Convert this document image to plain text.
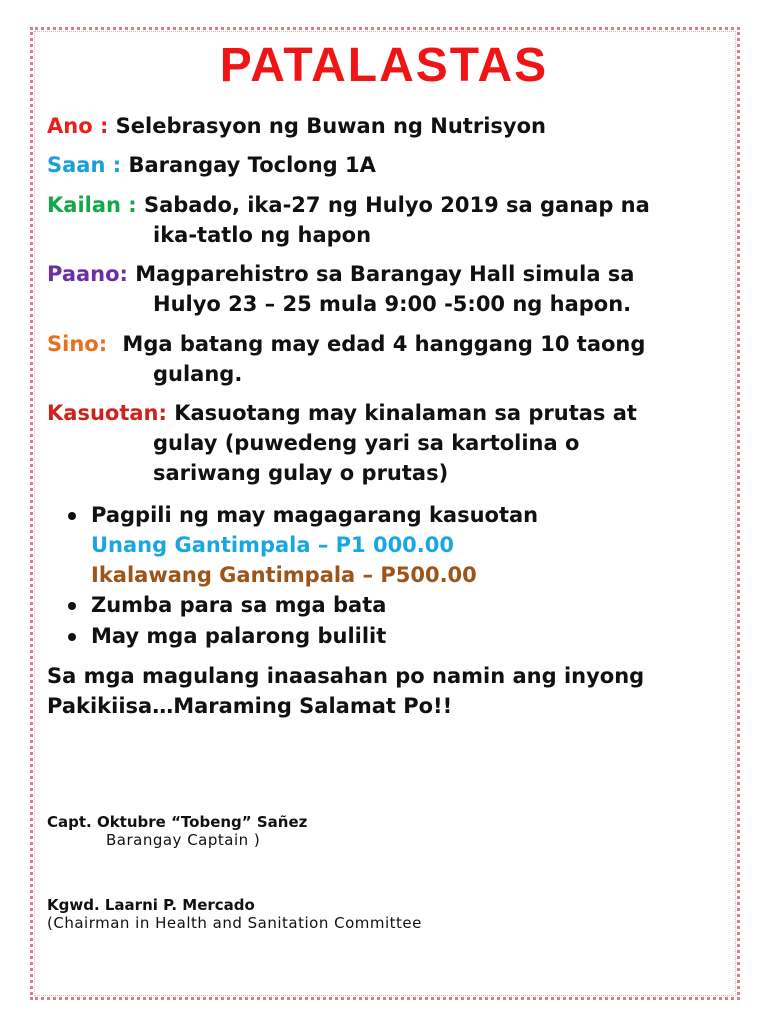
PATALASTAS
Ano : Selebrasyon ng Buwan ng Nutrisyon
Saan : Barangay Toclong 1A
Kailan : Sabado, ika-27 ng Hulyo 2019 sa ganap na
ika-tatlo ng hapon
Paano: Magparehistro sa Barangay Hall simula sa
Hulyo 23 – 25 mula 9:00 -5:00 ng hapon.
Sino: Mga batang may edad 4 hanggang 10 taong
gulang.
Kasuotan: Kasuotang may kinalaman sa prutas at
gulay (puwedeng yari sa kartolina o
sariwang gulay o prutas)
Pagpili ng may magagarang kasuotan
Unang Gantimpala – P1 000.00
Ikalawang Gantimpala – P500.00
Zumba para sa mga bata
May mga palarong bulilit
Sa mga magulang inaasahan po namin ang inyong
Pakikiisa…Maraming Salamat Po!!
Capt. Oktubre “Tobeng” Sañez
Barangay Captain )
Kgwd. Laarni P. Mercado
(Chairman in Health and Sanitation Committee
